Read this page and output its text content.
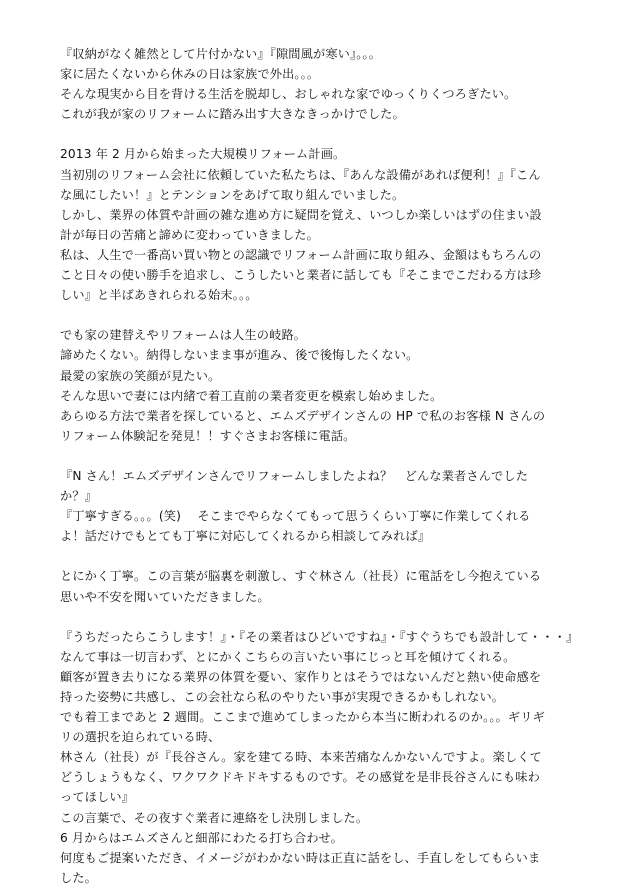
『収納がなく雑然として片付かない』『隙間風が寒い』。。。
家に居たくないから休みの日は家族で外出。。。
そんな現実から目を背ける生活を脱却し、おしゃれな家でゆっくりくつろぎたい。
これが我が家のリフォームに踏み出す大きなきっかけでした。
2013 年 2 月から始まった大規模リフォーム計画。
当初別のリフォーム会社に依頼していた私たちは、『あんな設備があれば便利！』『こん
な風にしたい！』とテンションをあげて取り組んでいました。
しかし、業界の体質や計画の雑な進め方に疑問を覚え、いつしか楽しいはずの住まい設
計が毎日の苦痛と諦めに変わっていきました。
私は、人生で一番高い買い物との認識でリフォーム計画に取り組み、金額はもちろんの
こと日々の使い勝手を追求し、こうしたいと業者に話しても『そこまでこだわる方は珍
しい』と半ばあきれられる始末。。。
でも家の建替えやリフォームは人生の岐路。
諦めたくない。納得しないまま事が進み、後で後悔したくない。
最愛の家族の笑顔が見たい。
そんな思いで妻には内緒で着工直前の業者変更を模索し始めました。
あらゆる方法で業者を探していると、エムズデザインさんの HP で私のお客様 N さんの
リフォーム体験記を発見！！すぐさまお客様に電話。
『N さん！エムズデザインさんでリフォームしましたよね？　どんな業者さんでした
か？』
『丁寧すぎる。。。(笑)　 そこまでやらなくてもって思うくらい丁寧に作業してくれる
よ！話だけでもとても丁寧に対応してくれるから相談してみれば』
とにかく丁寧。この言葉が脳裏を刺激し、すぐ林さん（社長）に電話をし今抱えている
思いや不安を聞いていただきました。
『うちだったらこうします！』・『その業者はひどいですね』・『すぐうちでも設計して・・・』
なんて事は一切言わず、とにかくこちらの言いたい事にじっと耳を傾けてくれる。
顧客が置き去りになる業界の体質を憂い、家作りとはそうではないんだと熱い使命感を
持った姿勢に共感し、この会社なら私のやりたい事が実現できるかもしれない。
でも着工まであと 2 週間。ここまで進めてしまったから本当に断われるのか。。。ギリギ
リの選択を迫られている時、
林さん（社長）が『長谷さん。家を建てる時、本来苦痛なんかないんですよ。楽しくて
どうしょうもなく、ワクワクドキドキするものです。その感覚を是非長谷さんにも味わ
ってほしい』
この言葉で、その夜すぐ業者に連絡をし決別しました。
6 月からはエムズさんと細部にわたる打ち合わせ。
何度もご提案いただき、イメージがわかない時は正直に話をし、手直しをしてもらいま
した。
